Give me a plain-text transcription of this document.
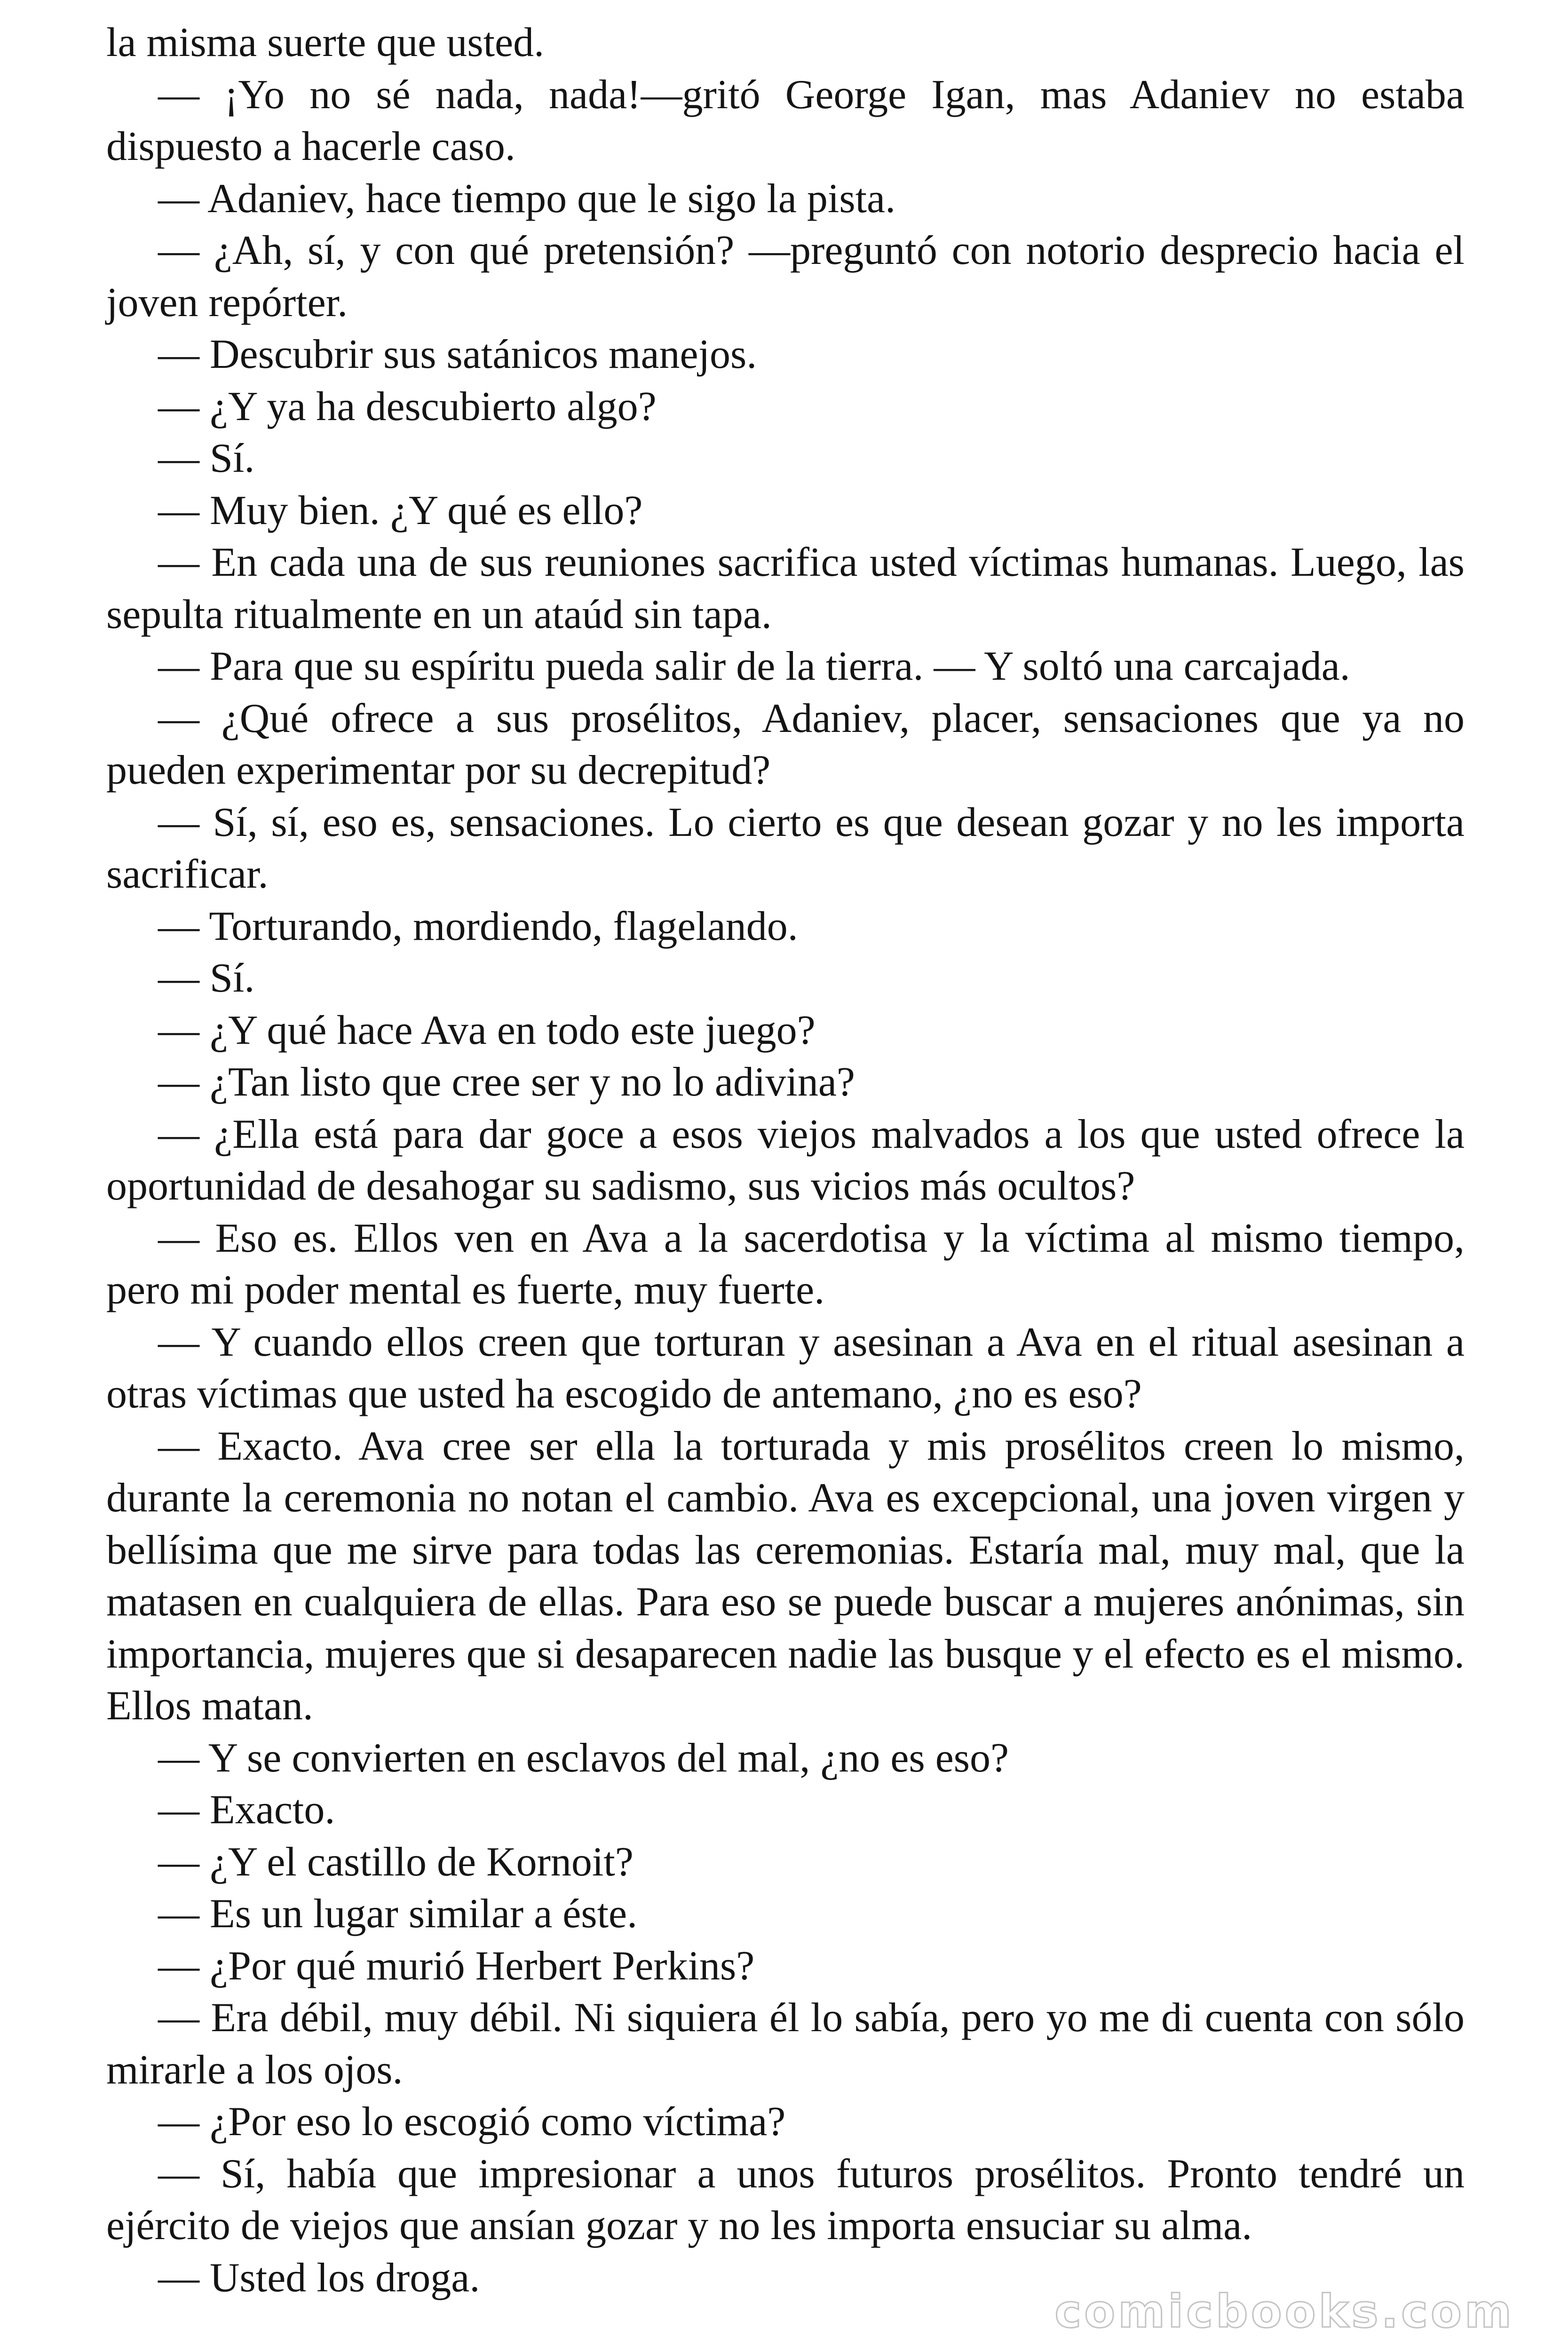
la misma suerte que usted.

— ¡Yo no sé nada, nada!—gritó George Igan, mas Adaniev no estaba dispuesto a hacerle caso.

— Adaniev, hace tiempo que le sigo la pista.

— ¿Ah, sí, y con qué pretensión? —preguntó con notorio desprecio hacia el joven repórter.

— Descubrir sus satánicos manejos.

— ¿Y ya ha descubierto algo?

— Sí.

— Muy bien. ¿Y qué es ello?

— En cada una de sus reuniones sacrifica usted víctimas humanas. Luego, las sepulta ritualmente en un ataúd sin tapa.

— Para que su espíritu pueda salir de la tierra. — Y soltó una carcajada.

— ¿Qué ofrece a sus prosélitos, Adaniev, placer, sensaciones que ya no pueden experimentar por su decrepitud?

— Sí, sí, eso es, sensaciones. Lo cierto es que desean gozar y no les importa sacrificar.

— Torturando, mordiendo, flagelando.

— Sí.

— ¿Y qué hace Ava en todo este juego?

— ¿Tan listo que cree ser y no lo adivina?

— ¿Ella está para dar goce a esos viejos malvados a los que usted ofrece la oportunidad de desahogar su sadismo, sus vicios más ocultos?

— Eso es. Ellos ven en Ava a la sacerdotisa y la víctima al mismo tiempo, pero mi poder mental es fuerte, muy fuerte.

— Y cuando ellos creen que torturan y asesinan a Ava en el ritual asesinan a otras víctimas que usted ha escogido de antemano, ¿no es eso?

— Exacto. Ava cree ser ella la torturada y mis prosélitos creen lo mismo, durante la ceremonia no notan el cambio. Ava es excepcional, una joven virgen y bellísima que me sirve para todas las ceremonias. Estaría mal, muy mal, que la matasen en cualquiera de ellas. Para eso se puede buscar a mujeres anónimas, sin importancia, mujeres que si desaparecen nadie las busque y el efecto es el mismo. Ellos matan.

— Y se convierten en esclavos del mal, ¿no es eso?

— Exacto.

— ¿Y el castillo de Kornoit?

— Es un lugar similar a éste.

— ¿Por qué murió Herbert Perkins?

— Era débil, muy débil. Ni siquiera él lo sabía, pero yo me di cuenta con sólo mirarle a los ojos.

— ¿Por eso lo escogió como víctima?

— Sí, había que impresionar a unos futuros prosélitos. Pronto tendré un ejército de viejos que ansían gozar y no les importa ensuciar su alma.

— Usted los droga.

comicbooks.com
